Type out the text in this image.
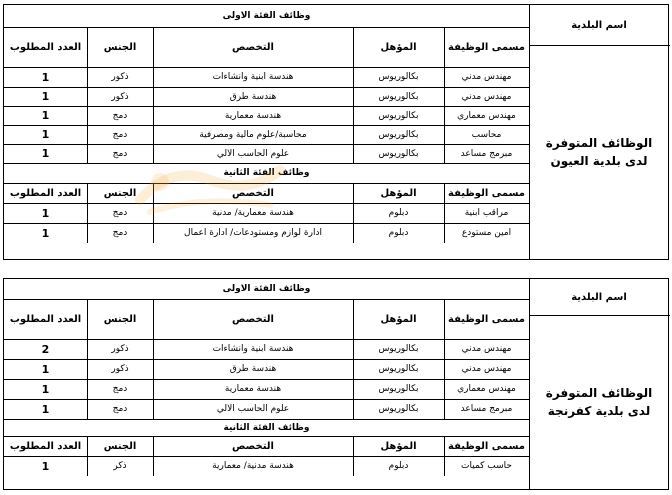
اسم البلدية
الوظائف المتوفرة لدى بلدية العيون
وظائف الفئة الاولى
العدد المطلوب	الجنس	التخصص	المؤهل	مسمى الوظيفة
1	ذكور	هندسة ابنية وانشاءات	بكالوريوس	مهندس مدني
1	ذكور	هندسة طرق	بكالوريوس	مهندس مدني
1	دمج	هندسة معمارية	بكالوريوس	مهندس معماري
1	دمج	محاسبة/علوم مالية ومصرفية	بكالوريوس	محاسب
1	دمج	علوم الحاسب الالي	بكالوريوس	مبرمج مساعد
وظائف الفئة الثانية
العدد المطلوب	الجنس	التخصص	المؤهل	مسمى الوظيفة
1	دمج	هندسة معمارية/ مدنية	دبلوم	مراقب ابنية
1	دمج	ادارة لوازم ومستودعات/ ادارة اعمال	دبلوم	امين مستودع
اسم البلدية
الوظائف المتوفرة لدى بلدية كفرنجة
وظائف الفئة الاولى
العدد المطلوب	الجنس	التخصص	المؤهل	مسمى الوظيفة
2	ذكور	هندسة ابنية وانشاءات	بكالوريوس	مهندس مدني
1	ذكور	هندسة طرق	بكالوريوس	مهندس مدني
1	دمج	هندسة معمارية	بكالوريوس	مهندس معماري
1	دمج	علوم الحاسب الالي	بكالوريوس	مبرمج مساعد
وظائف الفئة الثانية
العدد المطلوب	الجنس	التخصص	المؤهل	مسمى الوظيفة
1	ذكر	هندسة مدنية/ معمارية	دبلوم	حاسب كميات
